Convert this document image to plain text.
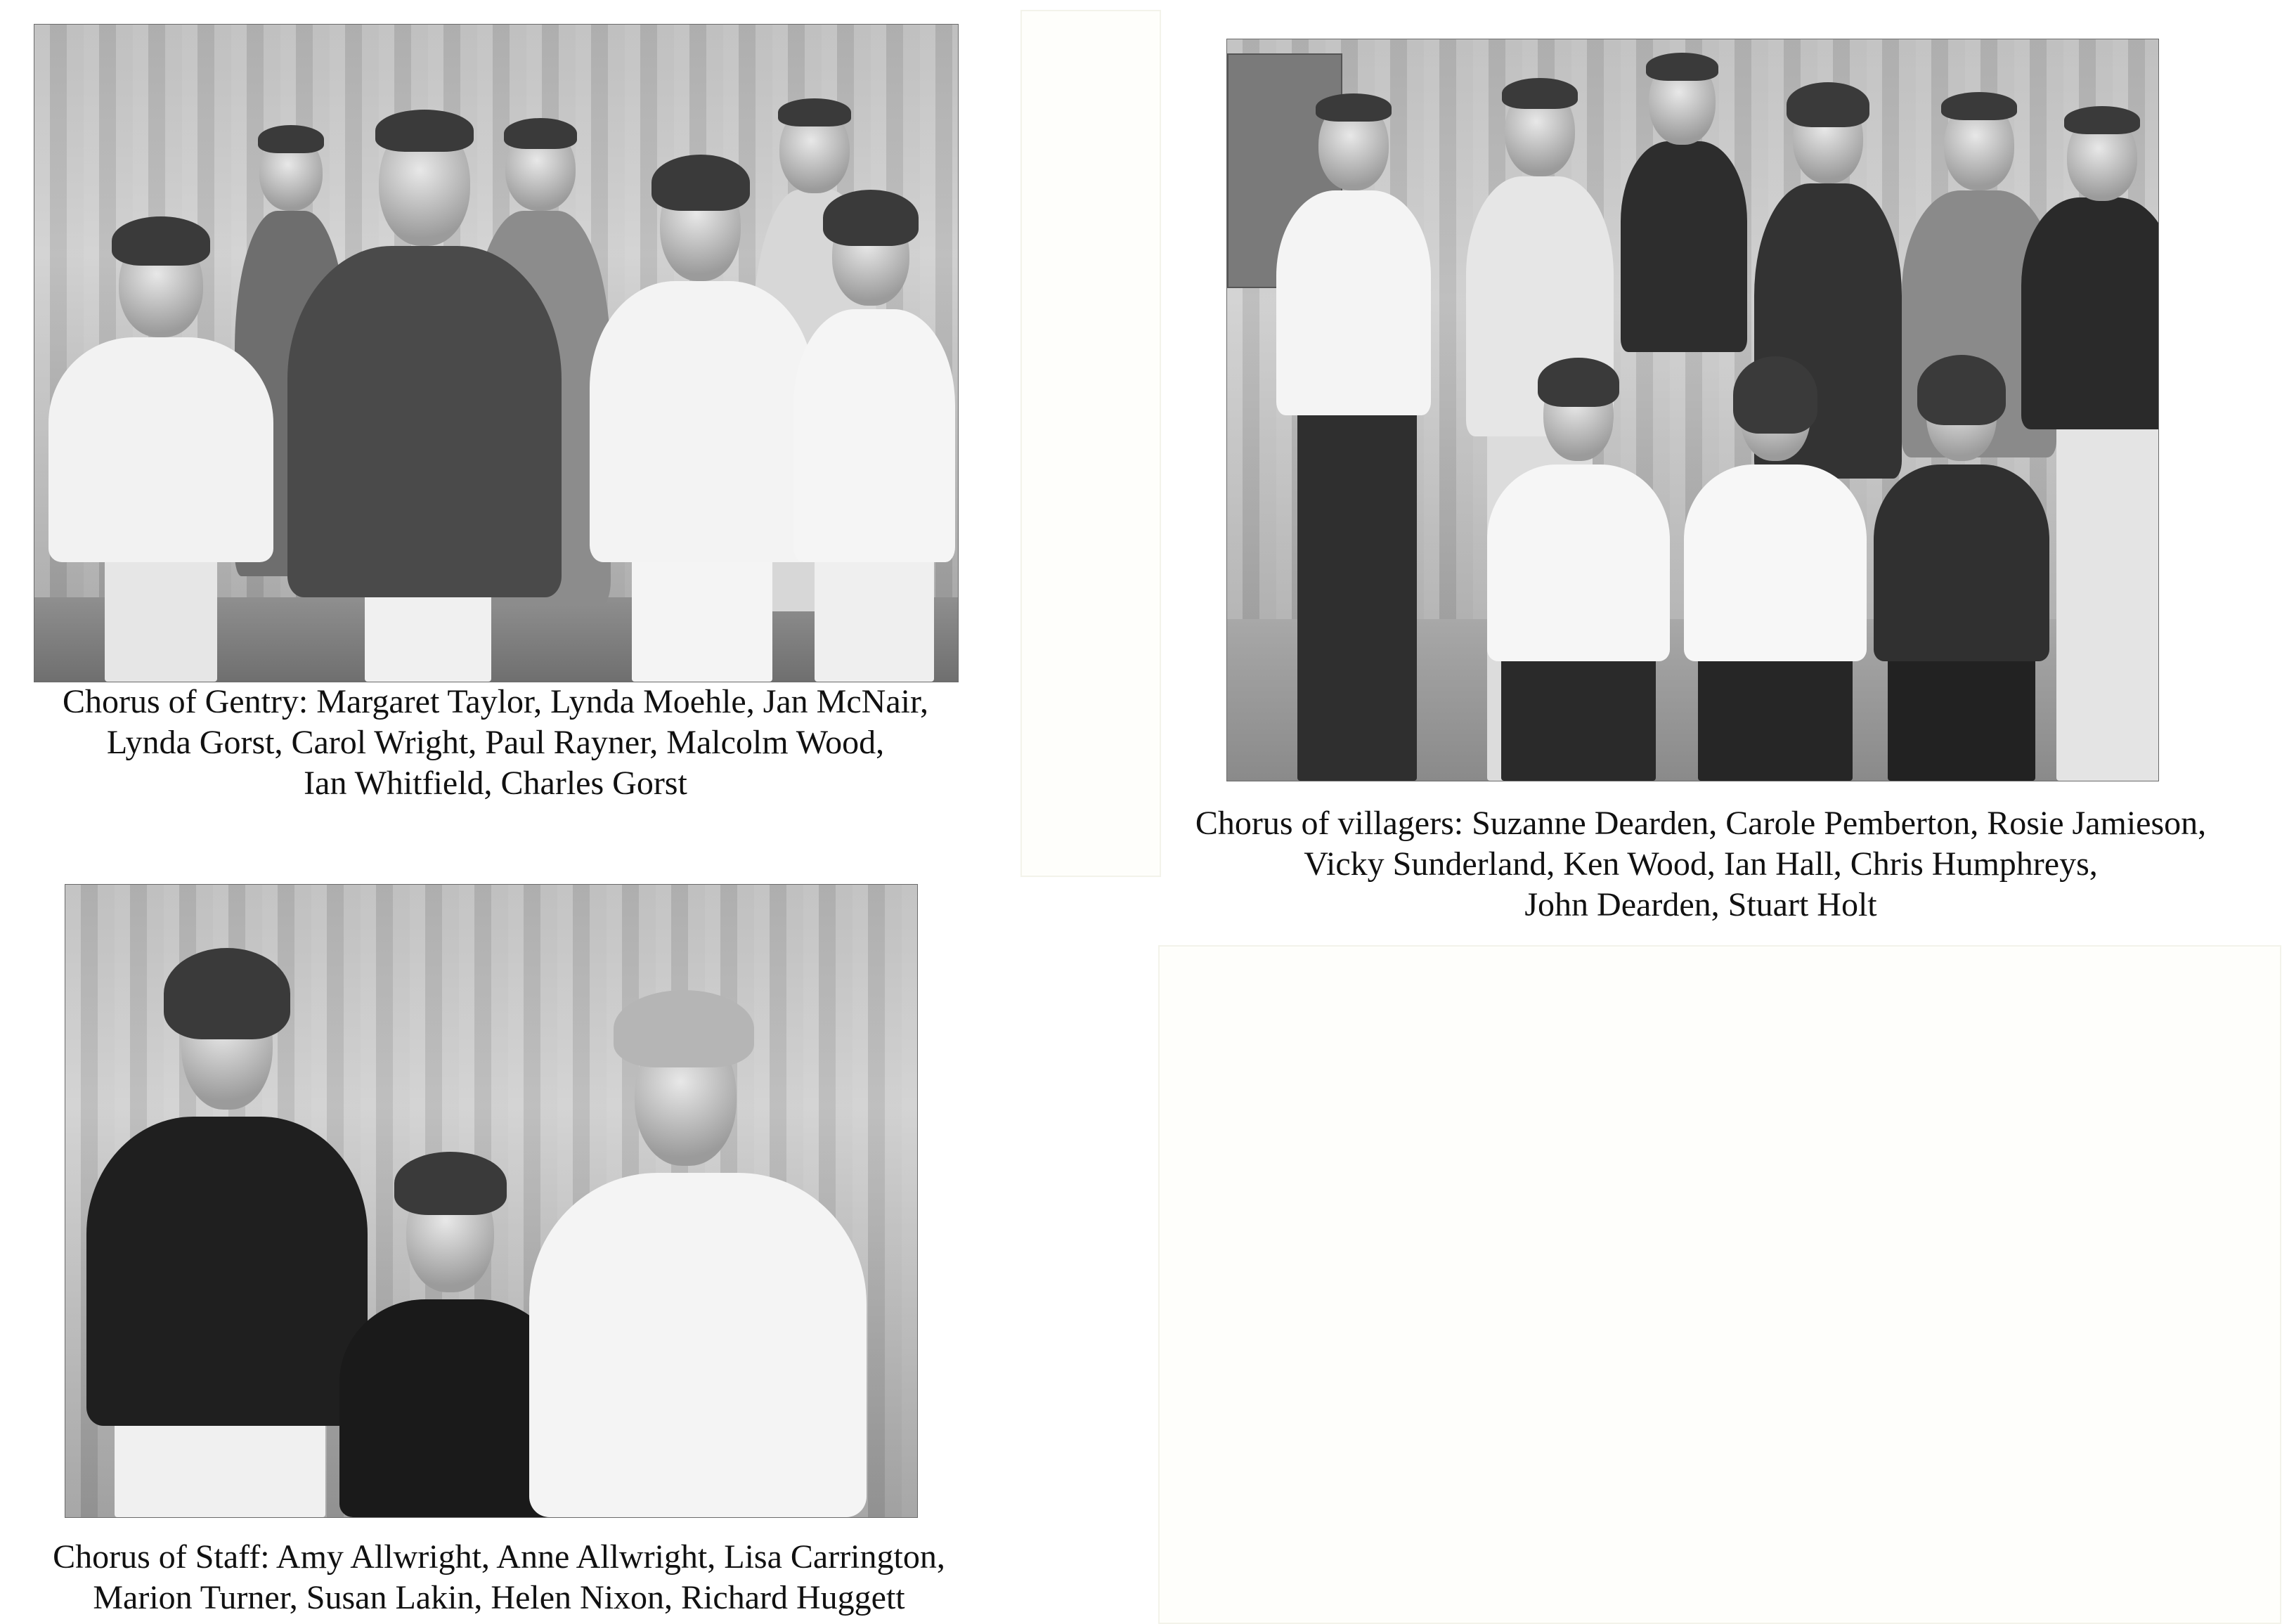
Chorus of Gentry: Margaret Taylor, Lynda Moehle, Jan McNair,
Lynda Gorst, Carol Wright, Paul Rayner, Malcolm Wood,
Ian Whitfield, Charles Gorst

Chorus of villagers: Suzanne Dearden, Carole Pemberton, Rosie Jamieson,
Vicky Sunderland, Ken Wood, Ian Hall, Chris Humphreys,
John Dearden, Stuart Holt

Chorus of Staff: Amy Allwright, Anne Allwright, Lisa Carrington,
Marion Turner, Susan Lakin, Helen Nixon, Richard Huggett
